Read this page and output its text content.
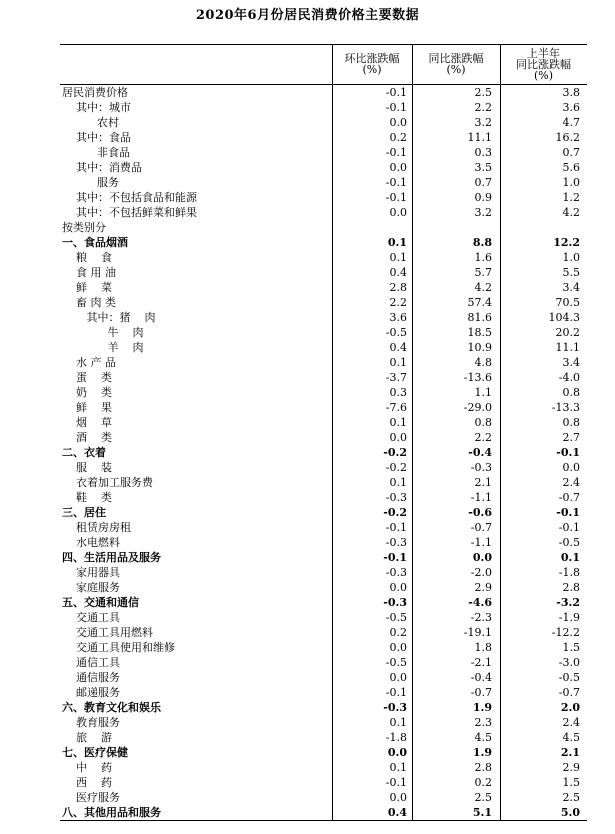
2020年6月份居民消费价格主要数据
环比涨跌幅
(%)
同比涨跌幅
(%)
上半年
同比涨跌幅
(%)
居民消费价格	-0.1	2.5	3.8
其中：城市	-0.1	2.2	3.6
农村	0.0	3.2	4.7
其中：食品	0.2	11.1	16.2
非食品	-0.1	0.3	0.7
其中：消费品	0.0	3.5	5.6
服务	-0.1	0.7	1.0
其中：不包括食品和能源	-0.1	0.9	1.2
其中：不包括鲜菜和鲜果	0.0	3.2	4.2
按类别分
一、食品烟酒	0.1	8.8	12.2
粮    食	0.1	1.6	1.0
食 用 油	0.4	5.7	5.5
鲜    菜	2.8	4.2	3.4
畜 肉 类	2.2	57.4	70.5
其中：猪    肉	3.6	81.6	104.3
牛    肉	-0.5	18.5	20.2
羊    肉	0.4	10.9	11.1
水 产 品	0.1	4.8	3.4
蛋    类	-3.7	-13.6	-4.0
奶    类	0.3	1.1	0.8
鲜    果	-7.6	-29.0	-13.3
烟    草	0.1	0.8	0.8
酒    类	0.0	2.2	2.7
二、衣着	-0.2	-0.4	-0.1
服    装	-0.2	-0.3	0.0
衣着加工服务费	0.1	2.1	2.4
鞋    类	-0.3	-1.1	-0.7
三、居住	-0.2	-0.6	-0.1
租赁房房租	-0.1	-0.7	-0.1
水电燃料	-0.3	-1.1	-0.5
四、生活用品及服务	-0.1	0.0	0.1
家用器具	-0.3	-2.0	-1.8
家庭服务	0.0	2.9	2.8
五、交通和通信	-0.3	-4.6	-3.2
交通工具	-0.5	-2.3	-1.9
交通工具用燃料	0.2	-19.1	-12.2
交通工具使用和维修	0.0	1.8	1.5
通信工具	-0.5	-2.1	-3.0
通信服务	0.0	-0.4	-0.5
邮递服务	-0.1	-0.7	-0.7
六、教育文化和娱乐	-0.3	1.9	2.0
教育服务	0.1	2.3	2.4
旅    游	-1.8	4.5	4.5
七、医疗保健	0.0	1.9	2.1
中    药	0.1	2.8	2.9
西    药	-0.1	0.2	1.5
医疗服务	0.0	2.5	2.5
八、其他用品和服务	0.4	5.1	5.0
